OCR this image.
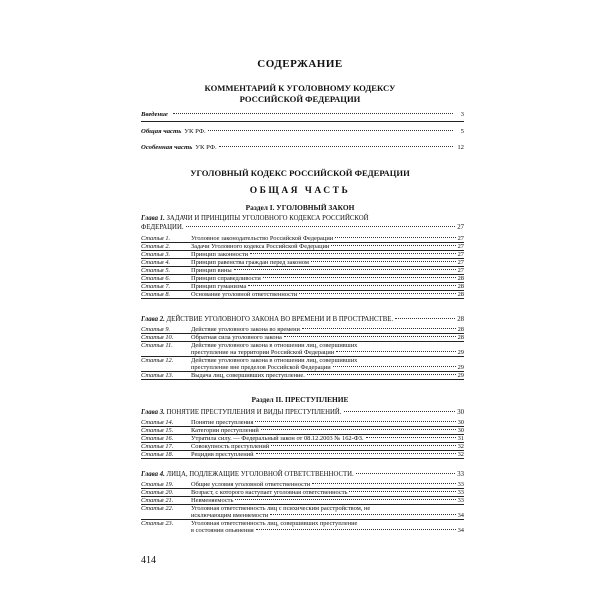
СОДЕРЖАНИЕ
КОММЕНТАРИЙ К УГОЛОВНОМУ КОДЕКСУ
РОССИЙСКОЙ ФЕДЕРАЦИИ
Введение	3
Общая часть УК РФ.	5
Особенная часть УК РФ.	12
УГОЛОВНЫЙ КОДЕКС РОССИЙСКОЙ ФЕДЕРАЦИИ
ОБЩАЯ ЧАСТЬ
Раздел I. УГОЛОВНЫЙ ЗАКОН
Глава 1. ЗАДАЧИ И ПРИНЦИПЫ УГОЛОВНОГО КОДЕКСА РОССИЙСКОЙ
ФЕДЕРАЦИИ.	27
Статья 1.	Уголовное законодательство Российской Федерации	27
Статья 2.	Задачи Уголовного кодекса Российской Федерации	27
Статья 3.	Принцип законности	27
Статья 4.	Принцип равенства граждан перед законом	27
Статья 5.	Принцип вины	27
Статья 6.	Принцип справедливости	28
Статья 7.	Принцип гуманизма	28
Статья 8.	Основание уголовной ответственности	28
Глава 2.
ДЕЙСТВИЕ УГОЛОВНОГО ЗАКОНА ВО ВРЕМЕНИ И В ПРОСТРАНСТВЕ.	28
Статья 9.	Действие уголовного закона во времени	28
Статья 10.	Обратная сила уголовного закона	28
Статья 11.	Действие уголовного закона в отношении лиц, совершивших
преступление на территории Российской Федерации	29
Статья 12.	Действие уголовного закона в отношении лиц, совершивших
преступление вне пределов Российской Федерации	29
Статья 13.	Выдача лиц, совершивших преступление.	29
Раздел II. ПРЕСТУПЛЕНИЕ
Глава 3.
ПОНЯТИЕ ПРЕСТУПЛЕНИЯ И ВИДЫ ПРЕСТУПЛЕНИЙ.	30
Статья 14.	Понятие преступления	30
Статья 15.	Категории преступлений	30
Статья 16.	Утратила силу. — Федеральный закон от 08.12.2003 № 162-ФЗ.	31
Статья 17.	Совокупность преступлений	32
Статья 18.	Рецидив преступлений	32
Глава 4.
ЛИЦА, ПОДЛЕЖАЩИЕ УГОЛОВНОЙ ОТВЕТСТВЕННОСТИ.	33
Статья 19.	Общие условия уголовной ответственности	33
Статья 20.	Возраст, с которого наступает уголовная ответственность	33
Статья 21.	Невменяемость	33
Статья 22.	Уголовная ответственность лиц с психическим расстройством, не
исключающим вменяемости	34
Статья 23.	Уголовная ответственность лиц, совершивших преступление
в состоянии опьянения	34
414
